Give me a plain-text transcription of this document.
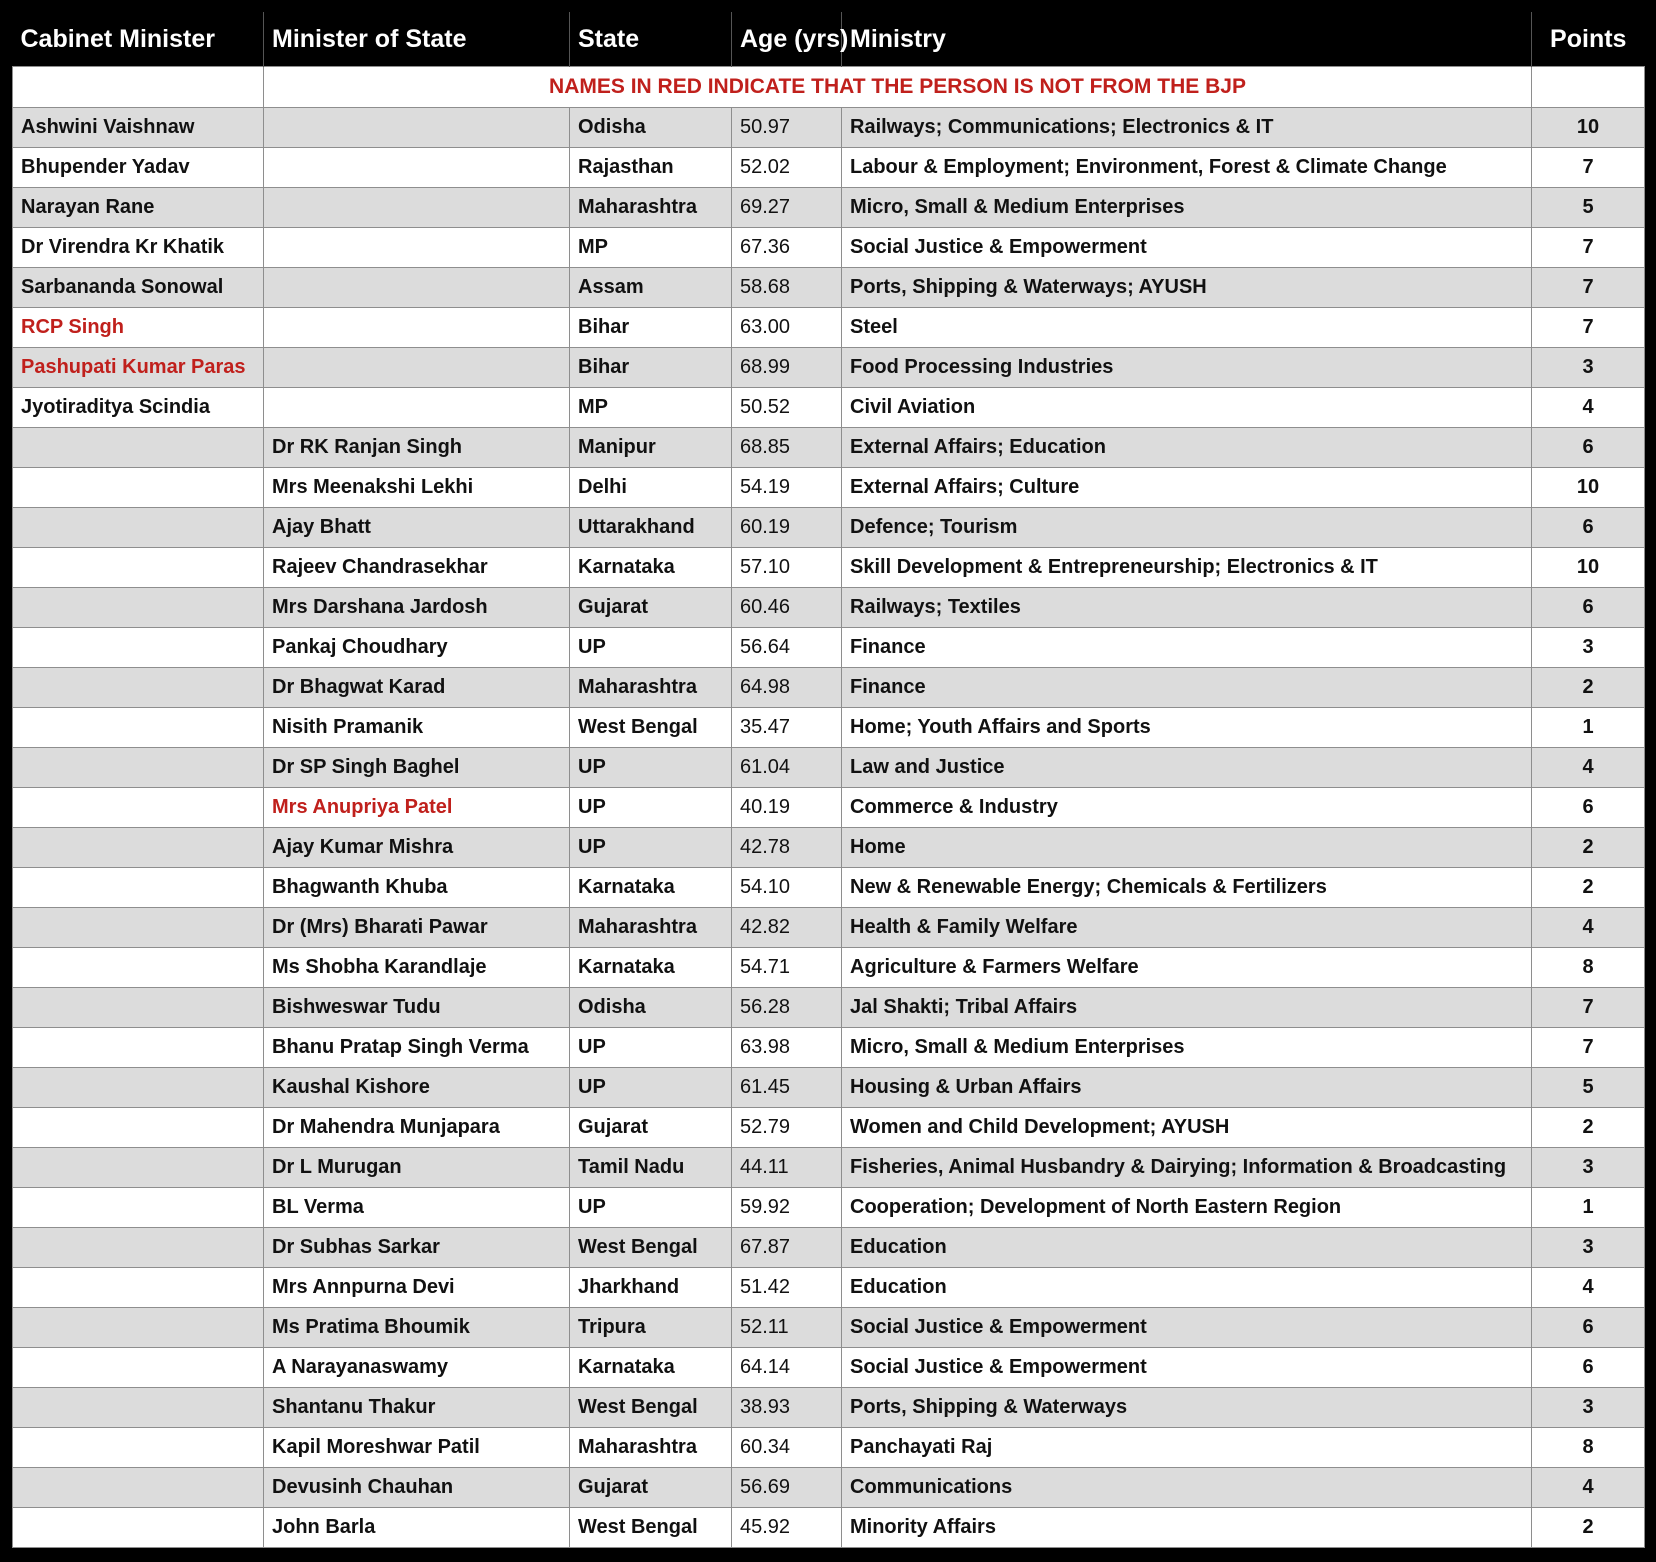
Cabinet Minister	Minister of State	State	Age (yrs)	Ministry	Points
	NAMES IN RED INDICATE THAT THE PERSON IS NOT FROM THE BJP				
Ashwini Vaishnaw		Odisha	50.97	Railways; Communications; Electronics & IT	10
Bhupender Yadav		Rajasthan	52.02	Labour & Employment; Environment, Forest & Climate Change	7
Narayan Rane		Maharashtra	69.27	Micro, Small & Medium Enterprises	5
Dr Virendra Kr Khatik		MP	67.36	Social Justice & Empowerment	7
Sarbananda Sonowal		Assam	58.68	Ports, Shipping & Waterways; AYUSH	7
RCP Singh		Bihar	63.00	Steel	7
Pashupati Kumar Paras		Bihar	68.99	Food Processing Industries	3
Jyotiraditya Scindia		MP	50.52	Civil Aviation	4
	Dr RK Ranjan Singh	Manipur	68.85	External Affairs; Education	6
	Mrs Meenakshi Lekhi	Delhi	54.19	External Affairs; Culture	10
	Ajay Bhatt	Uttarakhand	60.19	Defence; Tourism	6
	Rajeev Chandrasekhar	Karnataka	57.10	Skill Development & Entrepreneurship; Electronics & IT	10
	Mrs Darshana Jardosh	Gujarat	60.46	Railways; Textiles	6
	Pankaj Choudhary	UP	56.64	Finance	3
	Dr Bhagwat Karad	Maharashtra	64.98	Finance	2
	Nisith Pramanik	West Bengal	35.47	Home; Youth Affairs and Sports	1
	Dr SP Singh Baghel	UP	61.04	Law and Justice	4
	Mrs Anupriya Patel	UP	40.19	Commerce & Industry	6
	Ajay Kumar Mishra	UP	42.78	Home	2
	Bhagwanth Khuba	Karnataka	54.10	New & Renewable Energy; Chemicals & Fertilizers	2
	Dr (Mrs) Bharati Pawar	Maharashtra	42.82	Health & Family Welfare	4
	Ms Shobha Karandlaje	Karnataka	54.71	Agriculture & Farmers Welfare	8
	Bishweswar Tudu	Odisha	56.28	Jal Shakti; Tribal Affairs	7
	Bhanu Pratap Singh Verma	UP	63.98	Micro, Small & Medium Enterprises	7
	Kaushal Kishore	UP	61.45	Housing & Urban Affairs	5
	Dr Mahendra Munjapara	Gujarat	52.79	Women and Child Development; AYUSH	2
	Dr L Murugan	Tamil Nadu	44.11	Fisheries, Animal Husbandry & Dairying; Information & Broadcasting	3
	BL Verma	UP	59.92	Cooperation; Development of North Eastern Region	1
	Dr Subhas Sarkar	West Bengal	67.87	Education	3
	Mrs Annpurna Devi	Jharkhand	51.42	Education	4
	Ms Pratima Bhoumik	Tripura	52.11	Social Justice & Empowerment	6
	A Narayanaswamy	Karnataka	64.14	Social Justice & Empowerment	6
	Shantanu Thakur	West Bengal	38.93	Ports, Shipping & Waterways	3
	Kapil Moreshwar Patil	Maharashtra	60.34	Panchayati Raj	8
	Devusinh Chauhan	Gujarat	56.69	Communications	4
	John Barla	West Bengal	45.92	Minority Affairs	2
